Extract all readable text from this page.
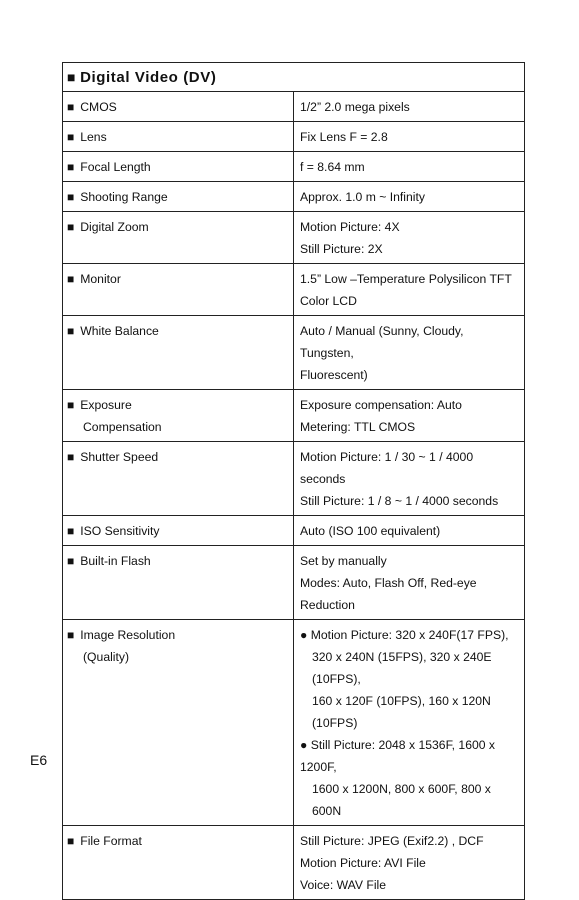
■ Digital Video (DV)	
■ CMOS	1/2” 2.0 mega pixels

■ Lens	Fix Lens F = 2.8

■ Focal Length	f = 8.64 mm

■ Shooting Range	Approx. 1.0 m ~ Infinity

■ Digital Zoom	Motion Picture: 4X
Still Picture: 2X

■ Monitor	1.5” Low –Temperature Polysilicon TFT Color LCD

■ White Balance	Auto / Manual (Sunny, Cloudy, Tungsten,
Fluorescent)

■ Exposure
Compensation	Exposure compensation: Auto
Metering: TTL CMOS

■ Shutter Speed	Motion Picture: 1 / 30 ~ 1 / 4000 seconds
Still Picture: 1 / 8 ~ 1 / 4000 seconds

■ ISO Sensitivity	Auto (ISO 100 equivalent)

■ Built-in Flash	Set by manually
Modes: Auto, Flash Off, Red-eye Reduction

■ Image Resolution
(Quality)	● Motion Picture: 320 x 240F(17 FPS),
320 x 240N (15FPS), 320 x 240E (10FPS),
160 x 120F (10FPS), 160 x 120N (10FPS)
● Still Picture: 2048 x 1536F, 1600 x 1200F,
1600 x 1200N, 800 x 600F, 800 x 600N

■ File Format	Still Picture: JPEG (Exif2.2) , DCF
Motion Picture: AVI File
Voice: WAV File
E6
